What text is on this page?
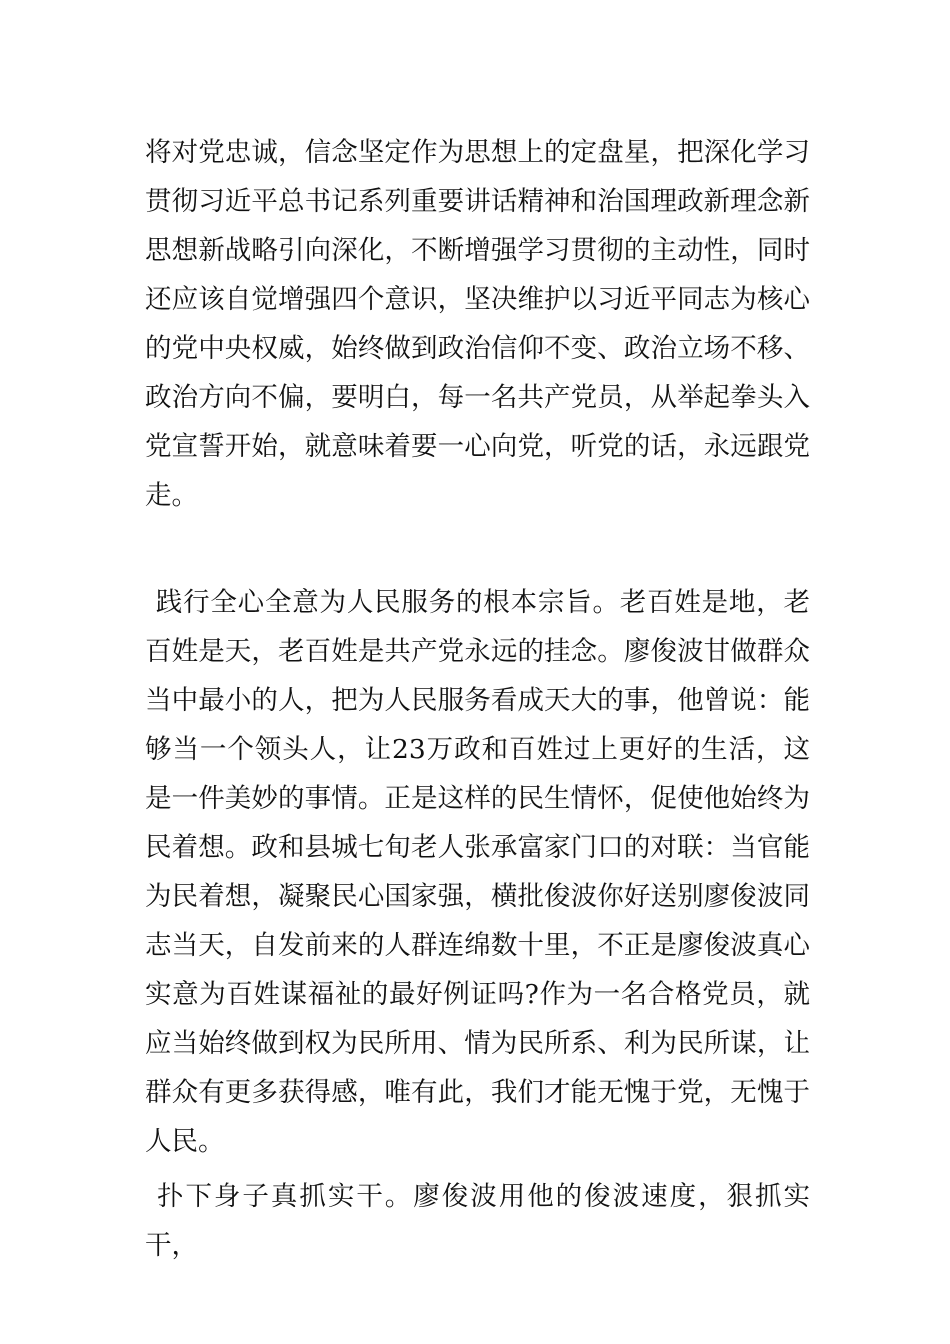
将对党忠诚，信念坚定作为思想上的定盘星，把深化学习贯彻习近平总书记系列重要讲话精神和治国理政新理念新思想新战略引向深化，不断增强学习贯彻的主动性，同时还应该自觉增强四个意识，坚决维护以习近平同志为核心的党中央权威，始终做到政治信仰不变、政治立场不移、政治方向不偏，要明白，每一名共产党员，从举起拳头入党宣誓开始，就意味着要一心向党，听党的话，永远跟党走。

践行全心全意为人民服务的根本宗旨。老百姓是地，老百姓是天，老百姓是共产党永远的挂念。廖俊波甘做群众当中最小的人，把为人民服务看成天大的事，他曾说：能够当一个领头人，让23万政和百姓过上更好的生活，这是一件美妙的事情。正是这样的民生情怀，促使他始终为民着想。政和县城七旬老人张承富家门口的对联：当官能为民着想，凝聚民心国家强，横批俊波你好送别廖俊波同志当天，自发前来的人群连绵数十里，不正是廖俊波真心实意为百姓谋福祉的最好例证吗?作为一名合格党员，就应当始终做到权为民所用、情为民所系、利为民所谋，让群众有更多获得感，唯有此，我们才能无愧于党，无愧于人民。

扑下身子真抓实干。廖俊波用他的俊波速度，狠抓实干，
